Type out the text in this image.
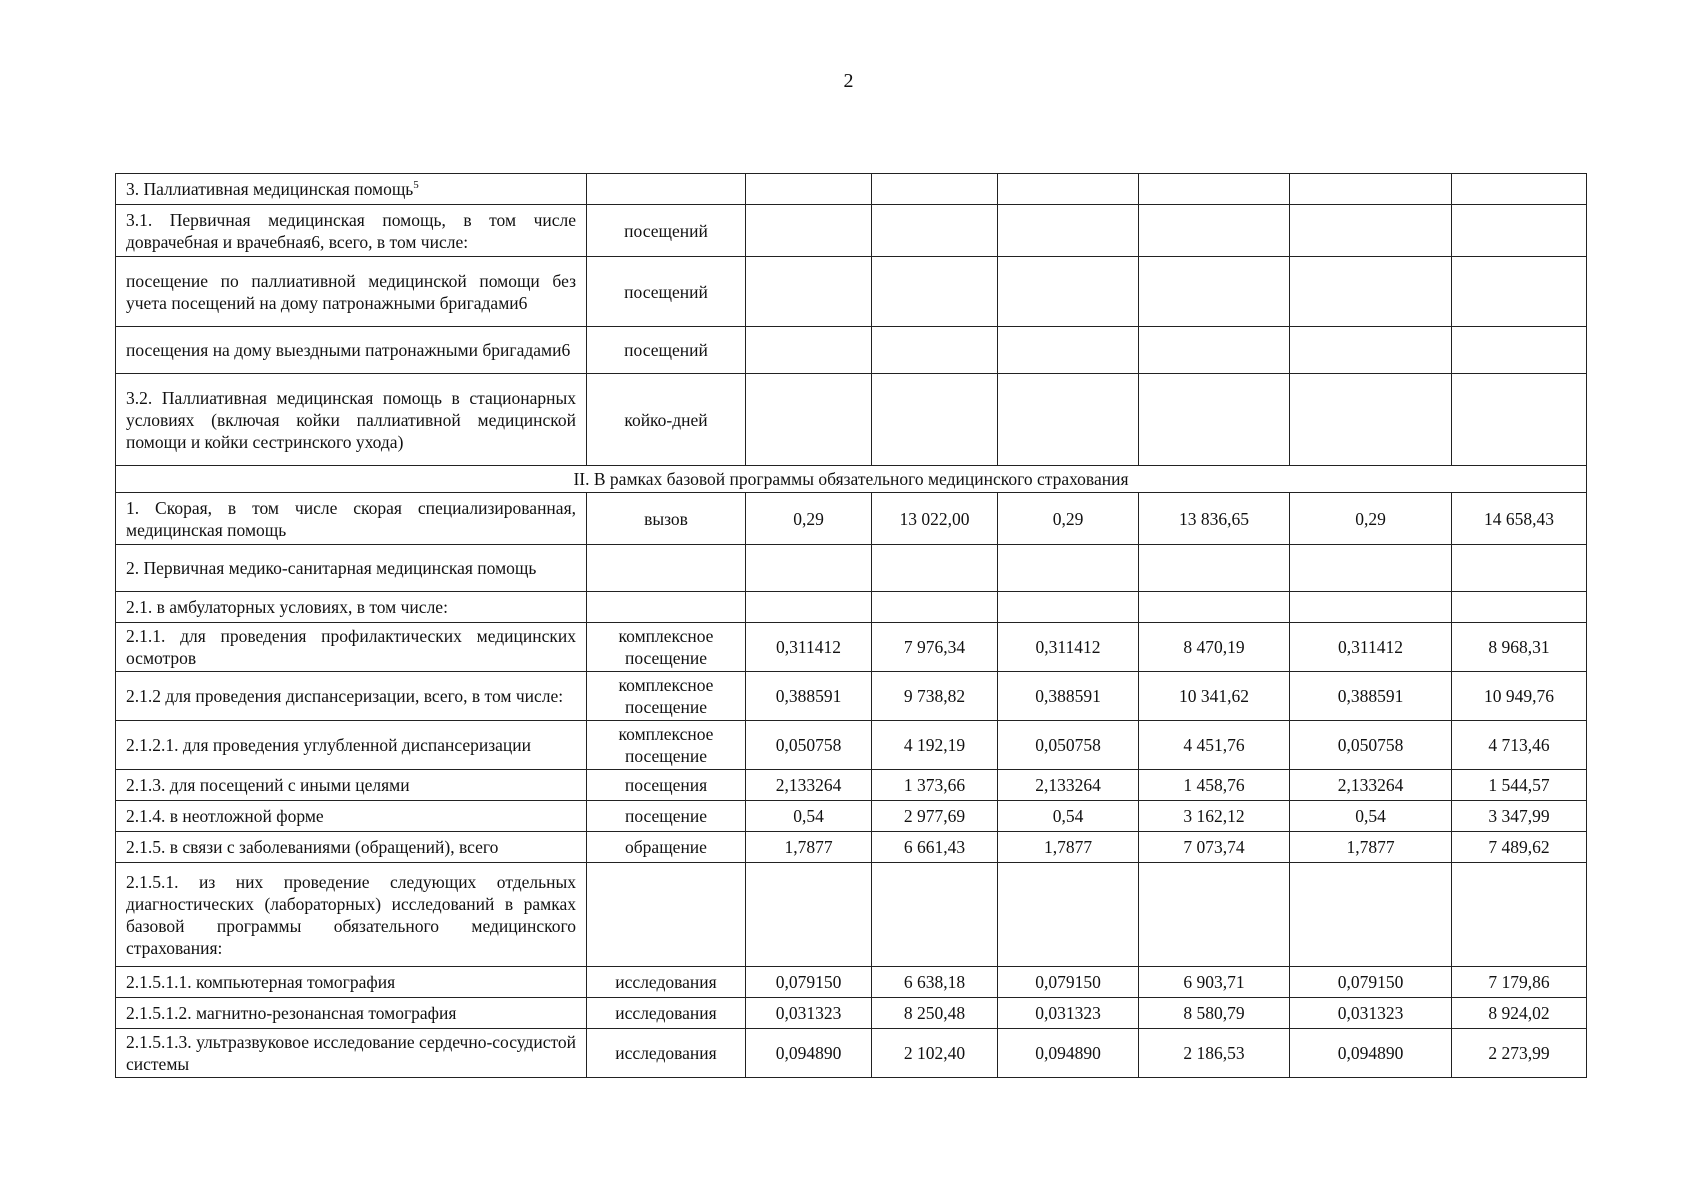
2
3. Паллиативная медицинская помощь$^5$							
3.1. Первичная медицинская помощь, в том числе доврачебная и врачебная6, всего, в том числе:	посещений						
посещение по паллиативной медицинской помощи без учета посещений на дому патронажными бригадами6	посещений						
посещения на дому выездными патронажными бригадами6	посещений						
3.2. Паллиативная медицинская помощь в стационарных условиях (включая койки паллиативной медицинской помощи и койки сестринского ухода)	койко-дней						
II. В рамках базовой программы обязательного медицинского страхования							
1. Скорая, в том числе скорая специализированная, медицинская помощь	вызов	0,29	13 022,00	0,29	13 836,65	0,29	14 658,43
2. Первичная медико-санитарная медицинская помощь							
2.1. в амбулаторных условиях, в том числе:							
2.1.1. для проведения профилактических медицинских осмотров	комплексное посещение	0,311412	7 976,34	0,311412	8 470,19	0,311412	8 968,31
2.1.2 для проведения диспансеризации, всего, в том числе:	комплексное посещение	0,388591	9 738,82	0,388591	10 341,62	0,388591	10 949,76
2.1.2.1. для проведения углубленной диспансеризации	комплексное посещение	0,050758	4 192,19	0,050758	4 451,76	0,050758	4 713,46
2.1.3. для посещений с иными целями	посещения	2,133264	1 373,66	2,133264	1 458,76	2,133264	1 544,57
2.1.4. в неотложной форме	посещение	0,54	2 977,69	0,54	3 162,12	0,54	3 347,99
2.1.5. в связи с заболеваниями (обращений), всего	обращение	1,7877	6 661,43	1,7877	7 073,74	1,7877	7 489,62
2.1.5.1. из них проведение следующих отдельных диагностических (лабораторных) исследований в рамках базовой программы обязательного медицинского страхования:							
2.1.5.1.1. компьютерная томография	исследования	0,079150	6 638,18	0,079150	6 903,71	0,079150	7 179,86
2.1.5.1.2. магнитно-резонансная томография	исследования	0,031323	8 250,48	0,031323	8 580,79	0,031323	8 924,02
2.1.5.1.3. ультразвуковое исследование сердечно-сосудистой системы	исследования	0,094890	2 102,40	0,094890	2 186,53	0,094890	2 273,99
